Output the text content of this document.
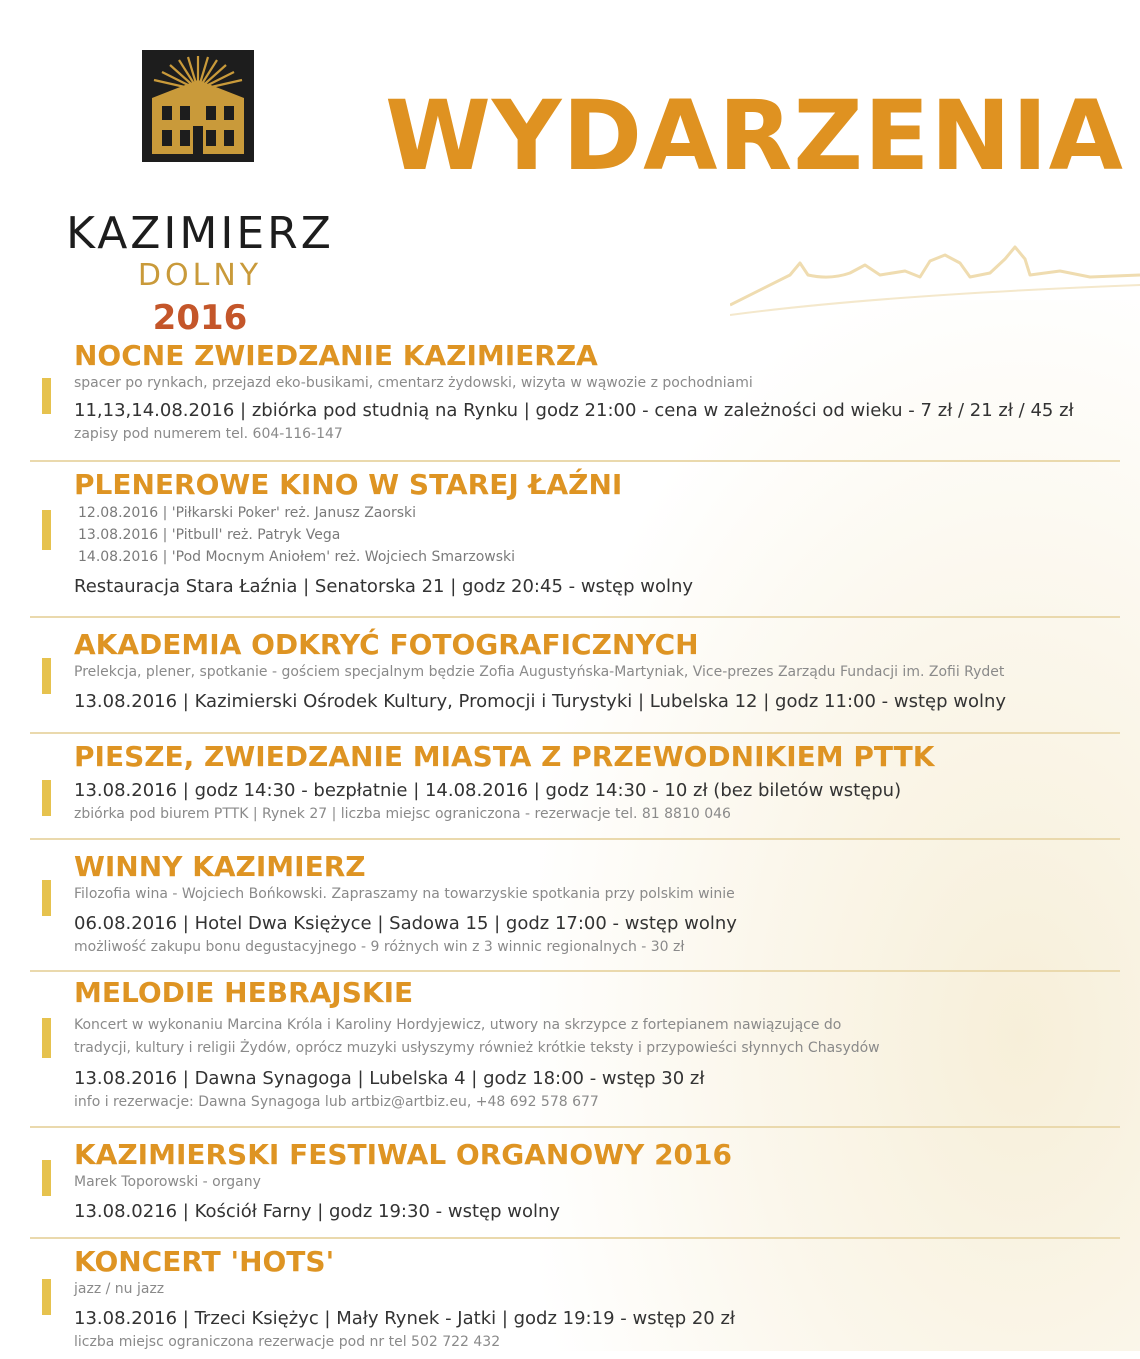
KAZIMIERZ
DOLNY
2016
WYDARZENIA
NOCNE ZWIEDZANIE KAZIMIERZA
spacer po rynkach, przejazd eko-busikami, cmentarz żydowski, wizyta w wąwozie z pochodniami
11,13,14.08.2016 | zbiórka pod studnią na Rynku | godz 21:00 - cena w zależności od wieku - 7 zł / 21 zł / 45 zł
zapisy pod numerem tel. 604-116-147
PLENEROWE KINO W STAREJ ŁAŹNI
12.08.2016 | 'Piłkarski Poker' reż. Janusz Zaorski
13.08.2016 | 'Pitbull' reż. Patryk Vega
14.08.2016 | 'Pod Mocnym Aniołem' reż. Wojciech Smarzowski
Restauracja Stara Łaźnia | Senatorska 21 | godz 20:45 - wstęp wolny
AKADEMIA ODKRYĆ FOTOGRAFICZNYCH
Prelekcja, plener, spotkanie - gościem specjalnym będzie Zofia Augustyńska-Martyniak, Vice-prezes Zarządu Fundacji im. Zofii Rydet
13.08.2016 | Kazimierski Ośrodek Kultury, Promocji i Turystyki | Lubelska 12 | godz 11:00 - wstęp wolny
PIESZE, ZWIEDZANIE MIASTA Z PRZEWODNIKIEM PTTK
13.08.2016 | godz 14:30 - bezpłatnie | 14.08.2016 | godz 14:30 - 10 zł (bez biletów wstępu)
zbiórka pod biurem PTTK | Rynek 27 | liczba miejsc ograniczona - rezerwacje tel. 81 8810 046
WINNY KAZIMIERZ
Filozofia wina - Wojciech Bońkowski. Zapraszamy na towarzyskie spotkania przy polskim winie
06.08.2016 | Hotel Dwa Księżyce | Sadowa 15 | godz 17:00 - wstęp wolny
możliwość zakupu bonu degustacyjnego - 9 różnych win z 3 winnic regionalnych - 30 zł
MELODIE HEBRAJSKIE
Koncert w wykonaniu Marcina Króla i Karoliny Hordyjewicz, utwory na skrzypce z fortepianem nawiązujące do
tradycji, kultury i religii Żydów, oprócz muzyki usłyszymy również krótkie teksty i przypowieści słynnych Chasydów
13.08.2016 | Dawna Synagoga | Lubelska 4 | godz 18:00 - wstęp 30 zł
info i rezerwacje: Dawna Synagoga lub artbiz@artbiz.eu, +48 692 578 677
KAZIMIERSKI FESTIWAL ORGANOWY 2016
Marek Toporowski - organy
13.08.0216 | Kościół Farny | godz 19:30 - wstęp wolny
KONCERT 'HOTS'
jazz / nu jazz
13.08.2016 | Trzeci Księżyc | Mały Rynek - Jatki | godz 19:19 - wstęp 20 zł
liczba miejsc ograniczona rezerwacje pod nr tel 502 722 432
